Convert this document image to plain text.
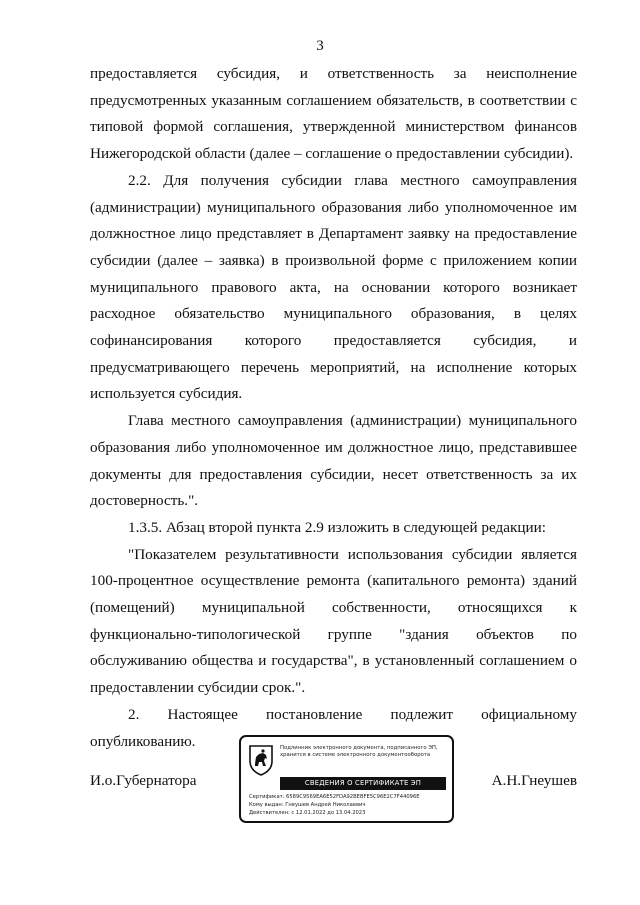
3

предоставляется субсидия, и ответственность за неисполнение предусмотренных указанным соглашением обязательств, в соответствии с типовой формой соглашения, утвержденной министерством финансов Нижегородской области (далее – соглашение о предоставлении субсидии).

2.2. Для получения субсидии глава местного самоуправления (администрации) муниципального образования либо уполномоченное им должностное лицо представляет в Департамент заявку на предоставление субсидии (далее – заявка) в произвольной форме с приложением копии муниципального правового акта, на основании которого возникает расходное обязательство муниципального образования, в целях софинансирования которого предоставляется субсидия, и предусматривающего перечень мероприятий, на исполнение которых используется субсидия.

Глава местного самоуправления (администрации) муниципального образования либо уполномоченное им должностное лицо, представившее документы для предоставления субсидии, несет ответственность за их достоверность.".

1.3.5. Абзац второй пункта 2.9 изложить в следующей редакции:

"Показателем результативности использования субсидии является 100-процентное осуществление ремонта (капитального ремонта) зданий (помещений) муниципальной собственности, относящихся к функционально-типологической группе "здания объектов по обслуживанию общества и государства", в установленный соглашением о предоставлении субсидии срок.".

2. Настоящее постановление подлежит официальному опубликованию.

И.о.Губернатора	А.Н.Гнеушев
Подлинник электронного документа, подписанного ЭП,
хранится в системе электронного документооборота
СВЕДЕНИЯ О СЕРТИФИКАТЕ ЭП
Сертификат: 6589C9569EA6E52FDA92BEBFE5C96E2C7F44096E
Кому выдан: Гнеушев Андрей Николаевич
Действителен: с 12.01.2022 до 13.04.2023
